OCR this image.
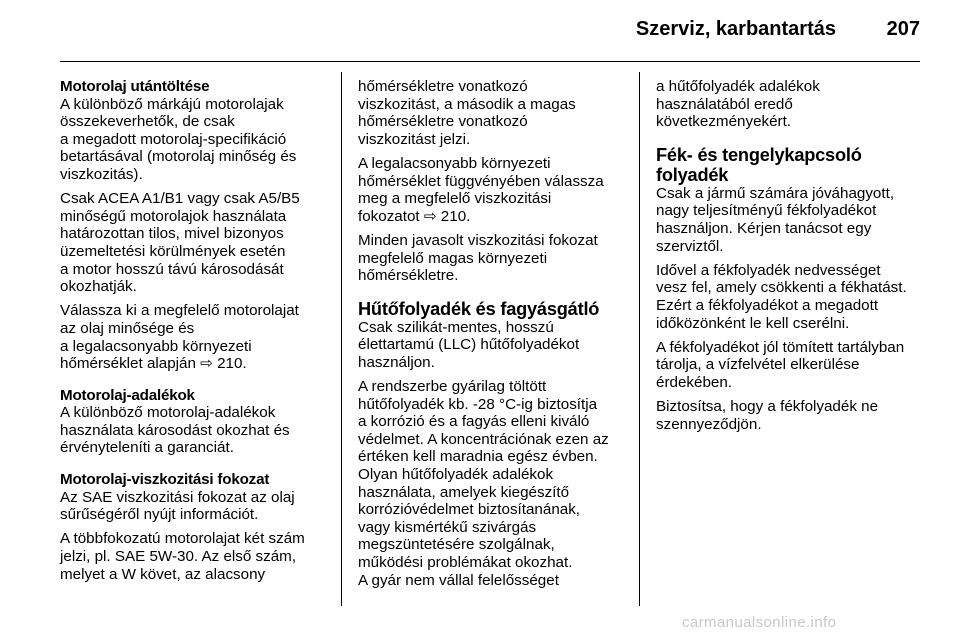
Szerviz, karbantartás	207
Motorolaj utántöltése
A különböző márkájú motorolajak
összekeverhetők, de csak
a megadott motorolaj-specifikáció
betartásával (motorolaj minőség és
viszkozitás).
Csak ACEA A1/B1 vagy csak A5/B5
minőségű motorolajok használata
határozottan tilos, mivel bizonyos
üzemeltetési körülmények esetén
a motor hosszú távú károsodását
okozhatják.
Válassza ki a megfelelő motorolajat
az olaj minősége és
a legalacsonyabb környezeti
hőmérséklet alapján ⇨ 210.
Motorolaj-adalékok
A különböző motorolaj-adalékok
használata károsodást okozhat és
érvényteleníti a garanciát.
Motorolaj-viszkozitási fokozat
Az SAE viszkozitási fokozat az olaj
sűrűségéről nyújt információt.
A többfokozatú motorolajat két szám
jelzi, pl. SAE 5W-30. Az első szám,
melyet a W követ, az alacsony
hőmérsékletre vonatkozó
viszkozitást, a második a magas
hőmérsékletre vonatkozó
viszkozitást jelzi.
A legalacsonyabb környezeti
hőmérséklet függvényében válassza
meg a megfelelő viszkozitási
fokozatot ⇨ 210.
Minden javasolt viszkozitási fokozat
megfelelő magas környezeti
hőmérsékletre.
Hűtőfolyadék és fagyásgátló
Csak szilikát-mentes, hosszú
élettartamú (LLC) hűtőfolyadékot
használjon.
A rendszerbe gyárilag töltött
hűtőfolyadék kb. -28 °C-ig biztosítja
a korrózió és a fagyás elleni kiváló
védelmet. A koncentrációnak ezen az
értéken kell maradnia egész évben.
Olyan hűtőfolyadék adalékok
használata, amelyek kiegészítő
korrózióvédelmet biztosítanának,
vagy kismértékű szivárgás
megszüntetésére szolgálnak,
működési problémákat okozhat.
A gyár nem vállal felelősséget
a hűtőfolyadék adalékok
használatából eredő
következményekért.
Fék- és tengelykapcsoló
folyadék
Csak a jármű számára jóváhagyott,
nagy teljesítményű fékfolyadékot
használjon. Kérjen tanácsot egy
szerviztől.
Idővel a fékfolyadék nedvességet
vesz fel, amely csökkenti a fékhatást.
Ezért a fékfolyadékot a megadott
időközönként le kell cserélni.
A fékfolyadékot jól tömített tartályban
tárolja, a vízfelvétel elkerülése
érdekében.
Biztosítsa, hogy a fékfolyadék ne
szennyeződjön.
carmanualsonline.info
